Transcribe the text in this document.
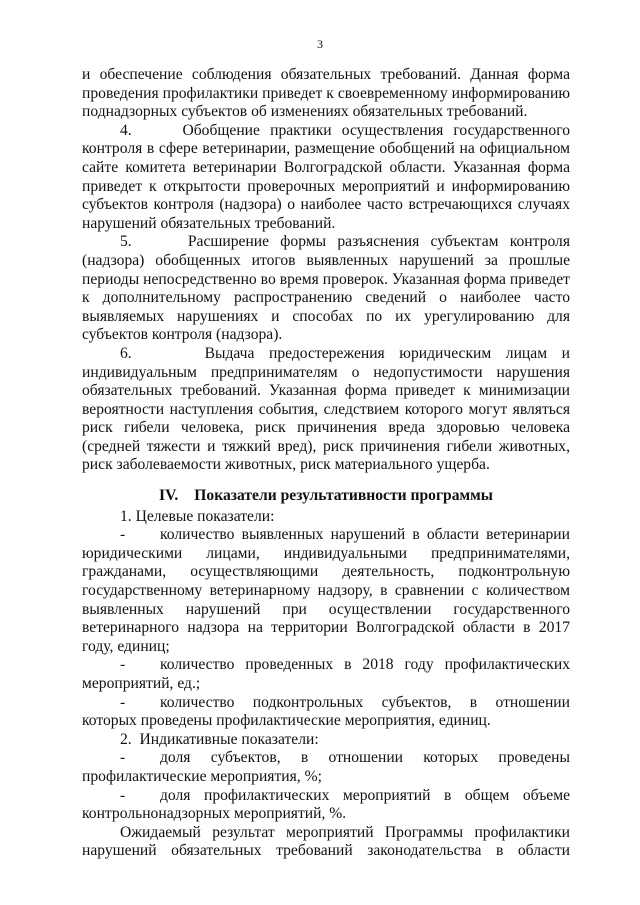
3

и обеспечение соблюдения обязательных требований. Данная форма проведения профилактики приведет к своевременному информированию поднадзорных субъектов об изменениях обязательных требований.

4.     Обобщение практики осуществления государственного контроля в сфере ветеринарии, размещение обобщений на официальном сайте комитета ветеринарии Волгоградской области. Указанная форма приведет к открытости проверочных мероприятий и информированию субъектов контроля (надзора) о наиболее часто встречающихся случаях нарушений обязательных требований.

5.     Расширение формы разъяснения субъектам контроля (надзора) обобщенных итогов выявленных нарушений за прошлые периоды непосредственно во время проверок. Указанная форма приведет к дополнительному распространению сведений о наиболее часто выявляемых нарушениях и способах по их урегулированию для субъектов контроля (надзора).

6.     Выдача предостережения юридическим лицам и индивидуальным предпринимателям о недопустимости нарушения обязательных требований. Указанная форма приведет к минимизации вероятности наступления события, следствием которого могут являться риск гибели человека, риск причинения вреда здоровью человека (средней тяжести и тяжкий вред), риск причинения гибели животных, риск заболеваемости животных, риск материального ущерба.

IV. Показатели результативности программы

1. Целевые показатели:

- количество выявленных нарушений в области ветеринарии юридическими лицами, индивидуальными предпринимателями, гражданами, осуществляющими деятельность, подконтрольную государственному ветеринарному надзору, в сравнении с количеством выявленных нарушений при осуществлении государственного ветеринарного надзора на территории Волгоградской области в 2017 году, единиц;

- количество проведенных в 2018 году профилактических мероприятий, ед.;

- количество подконтрольных субъектов, в отношении которых проведены профилактические мероприятия, единиц.

2.  Индикативные показатели:

- доля субъектов, в отношении которых проведены профилактические мероприятия, %;

- доля профилактических мероприятий в общем объеме контрольнонадзорных мероприятий, %.

Ожидаемый результат мероприятий Программы профилактики нарушений обязательных требований законодательства в области
